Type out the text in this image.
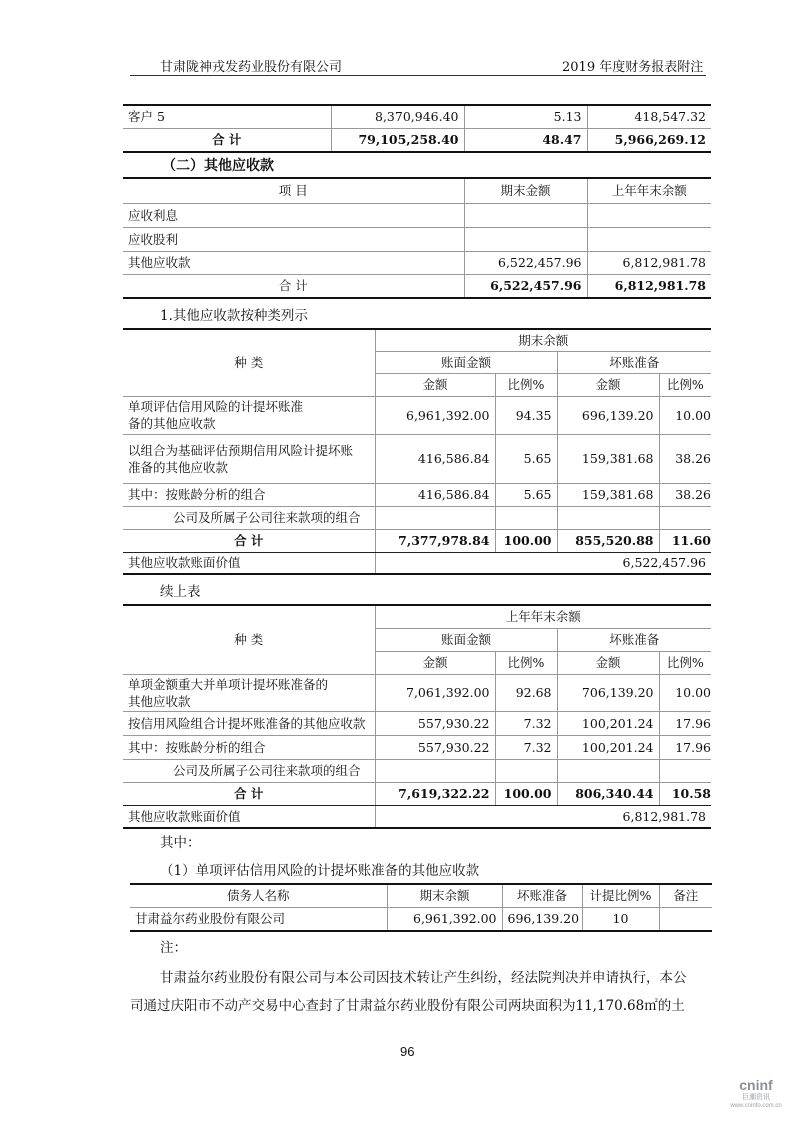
甘肃陇神戎发药业股份有限公司	2019 年度财务报表附注
客户 5	8,370,946.40	5.13	418,547.32
合 计	79,105,258.40	48.47	5,966,269.12
（二）其他应收款
项 目	期末金额	上年年末余额
应收利息		
应收股利		
其他应收款	6,522,457.96	6,812,981.78
合 计	6,522,457.96	6,812,981.78
1.其他应收款按种类列示
种 类	期末余额			
	账面金额		坏账准备	
	金额	比例%	金额	比例%
单项评估信用风险的计提坏账准备的其他应收款	6,961,392.00	94.35	696,139.20	10.00
以组合为基础评估预期信用风险计提坏账准备的其他应收款	416,586.84	5.65	159,381.68	38.26
其中：按账龄分析的组合	416,586.84	5.65	159,381.68	38.26
公司及所属子公司往来款项的组合				
合 计	7,377,978.84	100.00	855,520.88	11.60
其他应收款账面价值	6,522,457.96			
续上表
种 类	上年年末余额			
	账面金额		坏账准备	
	金额	比例%	金额	比例%
单项金额重大并单项计提坏账准备的其他应收款	7,061,392.00	92.68	706,139.20	10.00
按信用风险组合计提坏账准备的其他应收款	557,930.22	7.32	100,201.24	17.96
其中：按账龄分析的组合	557,930.22	7.32	100,201.24	17.96
公司及所属子公司往来款项的组合				
合 计	7,619,322.22	100.00	806,340.44	10.58
其他应收款账面价值	6,812,981.78			
其中：
（1）单项评估信用风险的计提坏账准备的其他应收款
债务人名称	期末余额	坏账准备	计提比例%	备注
甘肃益尔药业股份有限公司	6,961,392.00	696,139.20	10	
注：
甘肃益尔药业股份有限公司与本公司因技术转让产生纠纷，经法院判决并申请执行，本公
司通过庆阳市不动产交易中心查封了甘肃益尔药业股份有限公司两块面积为11,170.68㎡的土
96
cninf
巨潮资讯
www.cninfo.com.cn
